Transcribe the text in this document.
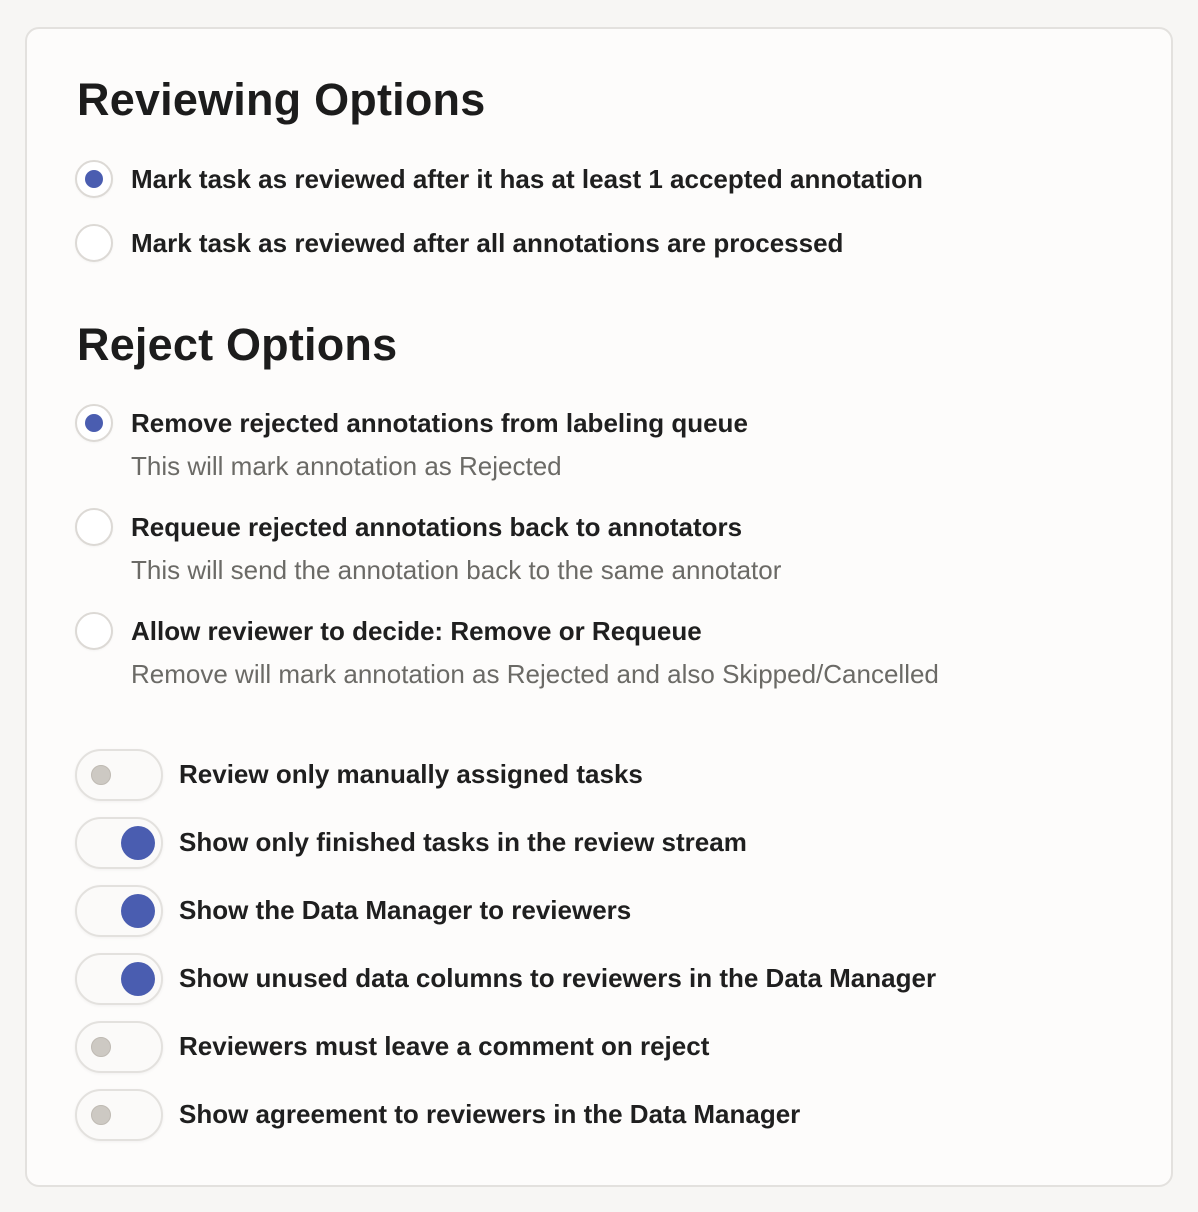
Reviewing Options
Mark task as reviewed after it has at least 1 accepted annotation
Mark task as reviewed after all annotations are processed
Reject Options
Remove rejected annotations from labeling queue
This will mark annotation as Rejected
Requeue rejected annotations back to annotators
This will send the annotation back to the same annotator
Allow reviewer to decide: Remove or Requeue
Remove will mark annotation as Rejected and also Skipped/Cancelled
Review only manually assigned tasks
Show only finished tasks in the review stream
Show the Data Manager to reviewers
Show unused data columns to reviewers in the Data Manager
Reviewers must leave a comment on reject
Show agreement to reviewers in the Data Manager
